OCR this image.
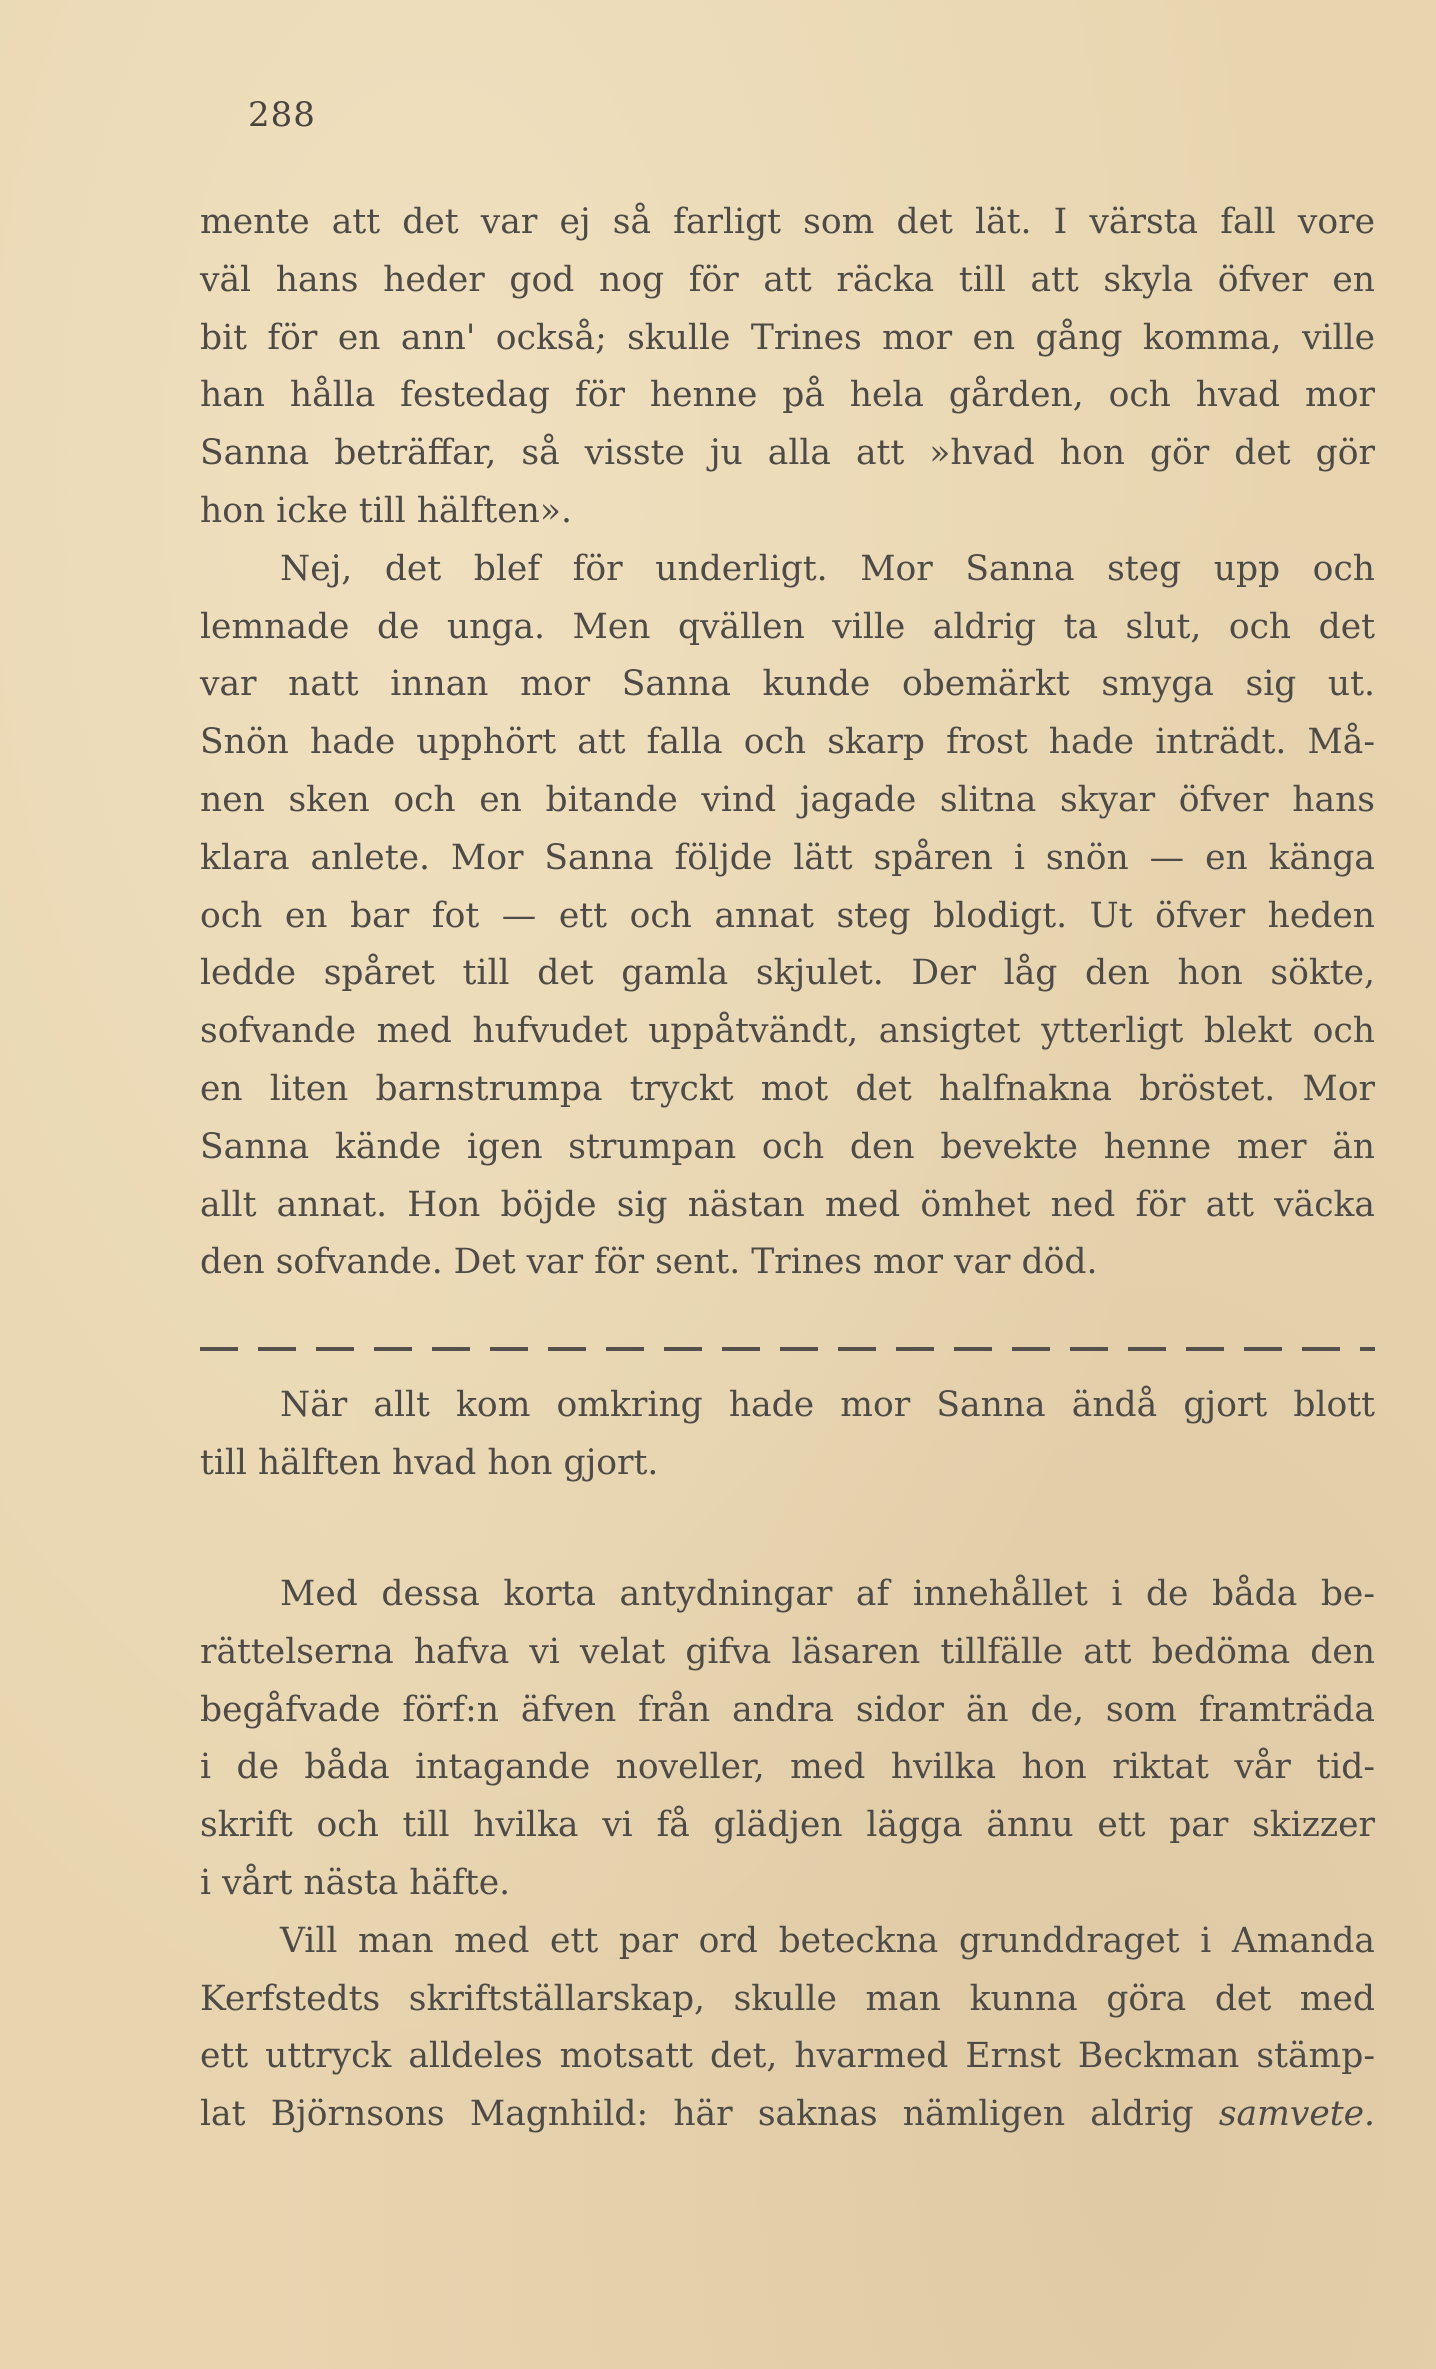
288
mente att det var ej så farligt som det lät. I värsta fall vore
väl hans heder god nog för att räcka till att skyla öfver en
bit för en ann' också; skulle Trines mor en gång komma, ville
han hålla festedag för henne på hela gården, och hvad mor
Sanna beträffar, så visste ju alla att »hvad hon gör det gör
hon icke till hälften».
Nej, det blef för underligt. Mor Sanna steg upp och
lemnade de unga. Men qvällen ville aldrig ta slut, och det
var natt innan mor Sanna kunde obemärkt smyga sig ut.
Snön hade upphört att falla och skarp frost hade inträdt. Må-
nen sken och en bitande vind jagade slitna skyar öfver hans
klara anlete. Mor Sanna följde lätt spåren i snön — en känga
och en bar fot — ett och annat steg blodigt. Ut öfver heden
ledde spåret till det gamla skjulet. Der låg den hon sökte,
sofvande med hufvudet uppåtvändt, ansigtet ytterligt blekt och
en liten barnstrumpa tryckt mot det halfnakna bröstet. Mor
Sanna kände igen strumpan och den bevekte henne mer än
allt annat. Hon böjde sig nästan med ömhet ned för att väcka
den sofvande. Det var för sent. Trines mor var död.
När allt kom omkring hade mor Sanna ändå gjort blott
till hälften hvad hon gjort.
Med dessa korta antydningar af innehållet i de båda be-
rättelserna hafva vi velat gifva läsaren tillfälle att bedöma den
begåfvade förf:n äfven från andra sidor än de, som framträda
i de båda intagande noveller, med hvilka hon riktat vår tid-
skrift och till hvilka vi få glädjen lägga ännu ett par skizzer
i vårt nästa häfte.
Vill man med ett par ord beteckna grunddraget i Amanda
Kerfstedts skriftställarskap, skulle man kunna göra det med
ett uttryck alldeles motsatt det, hvarmed Ernst Beckman stämp-
lat Björnsons Magnhild: här saknas nämligen aldrig samvete.
